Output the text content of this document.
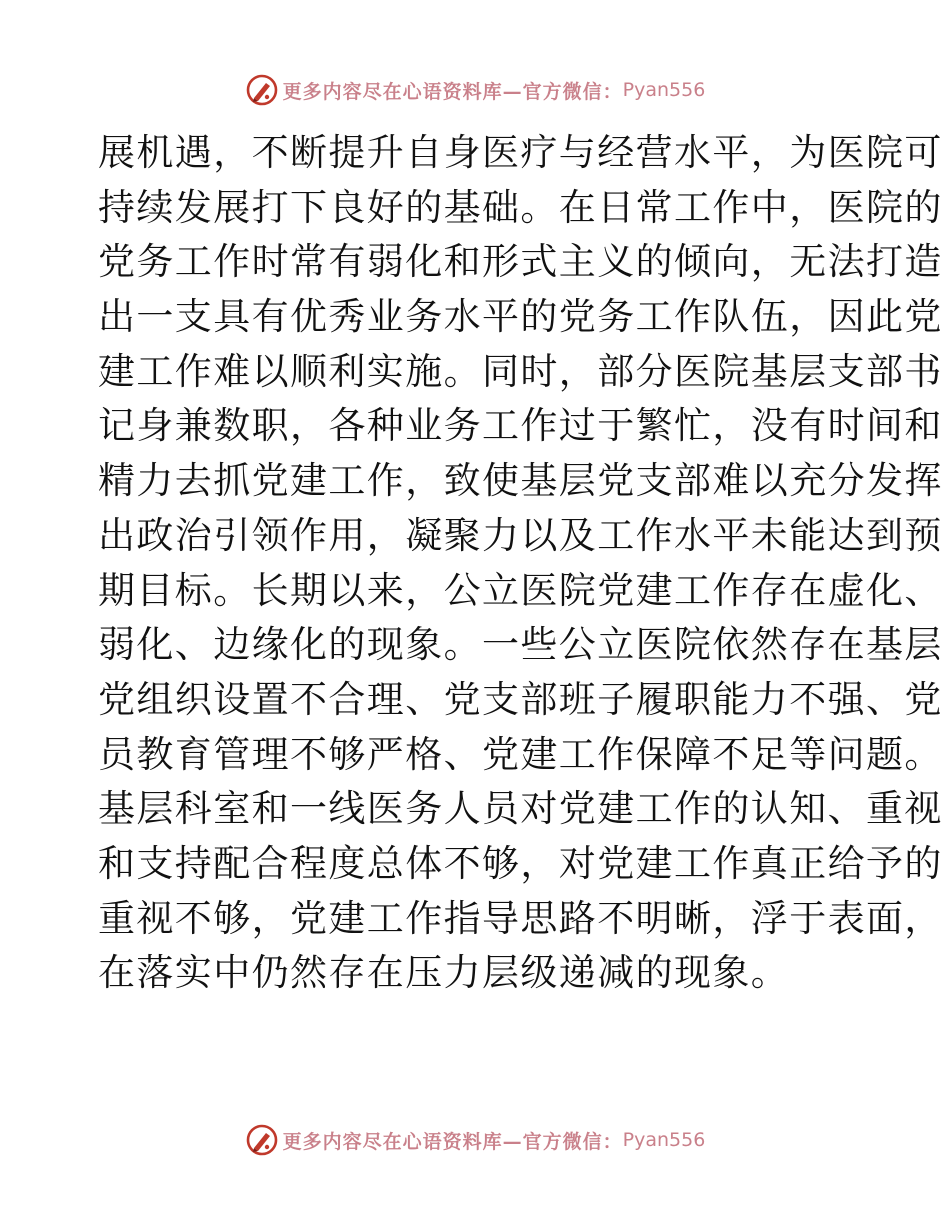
更多内容尽在心语资料库—官方微信： Pyan556
展机遇，不断提升自身医疗与经营水平，为医院可
持续发展打下良好的基础。在日常工作中，医院的
党务工作时常有弱化和形式主义的倾向，无法打造
出一支具有优秀业务水平的党务工作队伍，因此党
建工作难以顺利实施。同时，部分医院基层支部书
记身兼数职，各种业务工作过于繁忙，没有时间和
精力去抓党建工作，致使基层党支部难以充分发挥
出政治引领作用，凝聚力以及工作水平未能达到预
期目标。长期以来，公立医院党建工作存在虚化、
弱化、边缘化的现象。一些公立医院依然存在基层
党组织设置不合理、党支部班子履职能力不强、党
员教育管理不够严格、党建工作保障不足等问题。
基层科室和一线医务人员对党建工作的认知、重视
和支持配合程度总体不够，对党建工作真正给予的
重视不够，党建工作指导思路不明晰，浮于表面，
在落实中仍然存在压力层级递减的现象。
更多内容尽在心语资料库—官方微信： Pyan556
